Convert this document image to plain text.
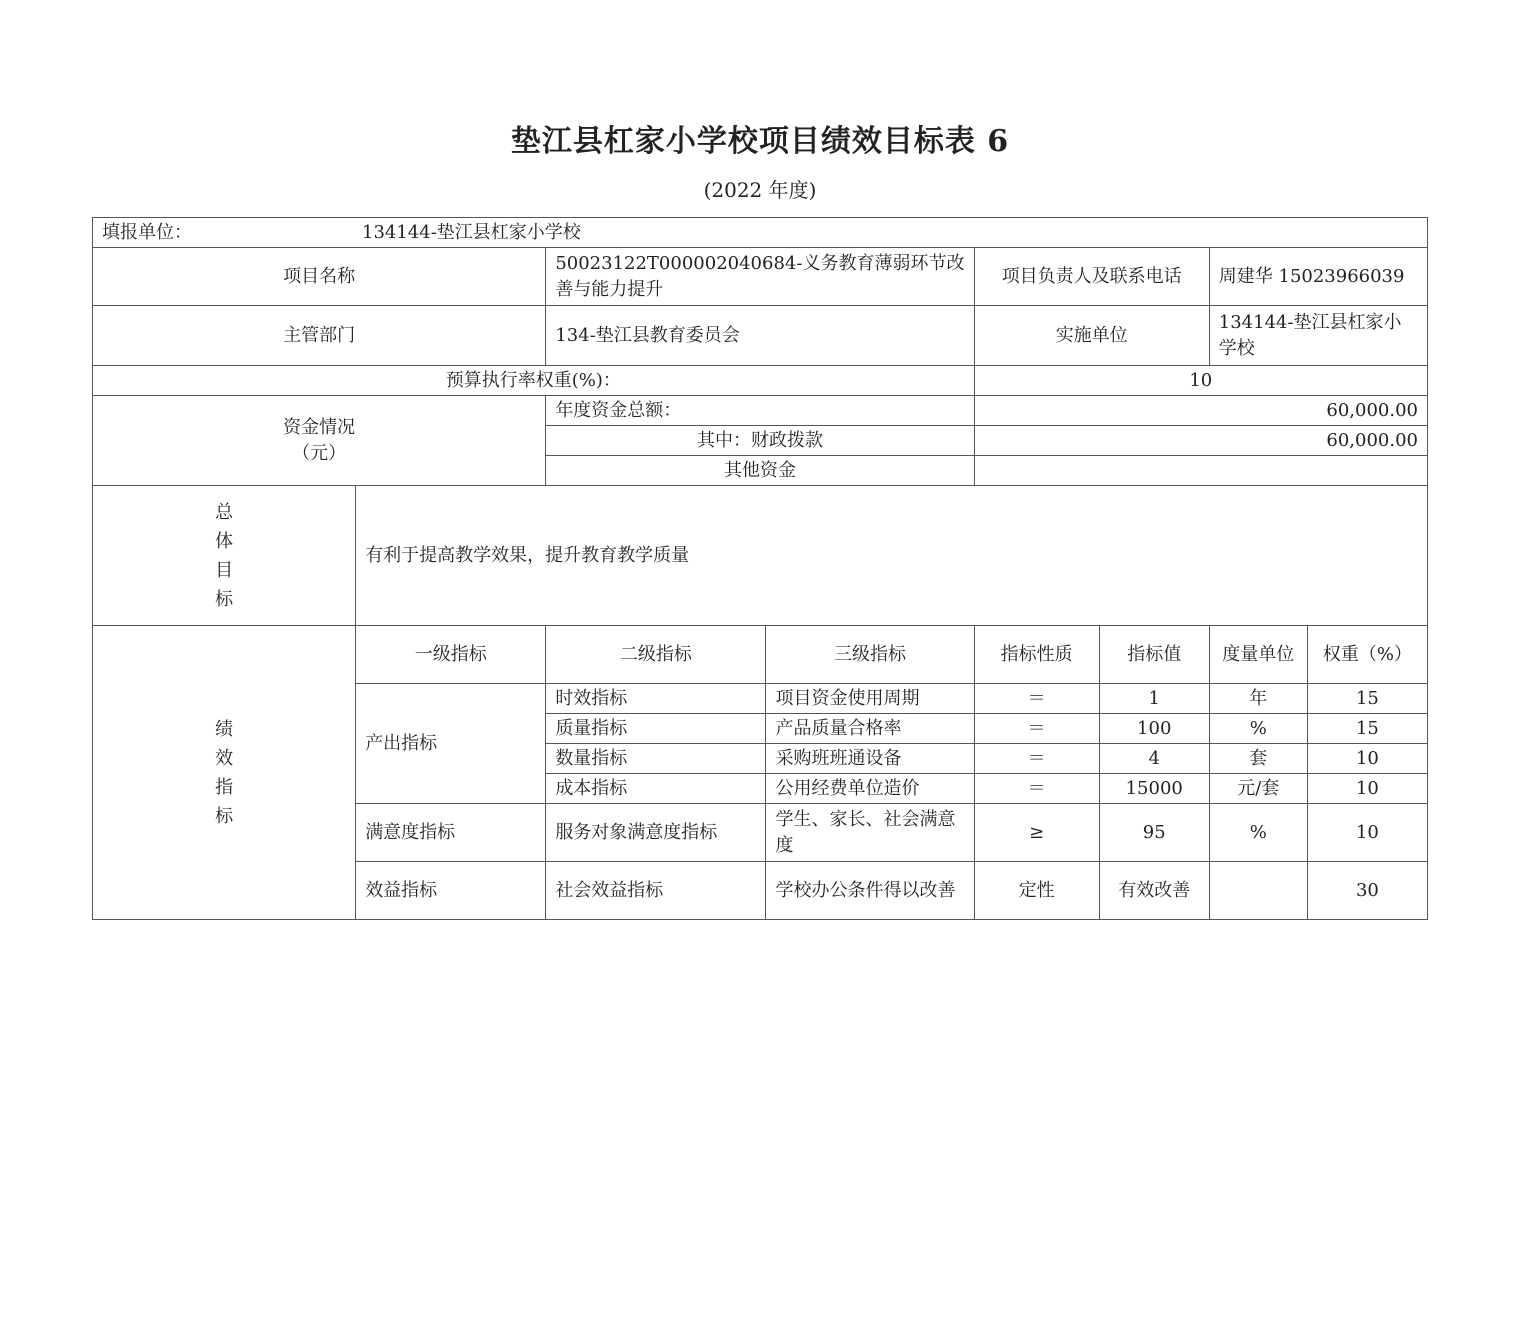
垫江县杠家小学校项目绩效目标表 6
(2022 年度)
填报单位： 134144-垫江县杠家小学校							
项目名称		50023122T000002040684-义务教育薄弱环节改善与能力提升		项目负责人及联系电话		周建华 15023966039	
主管部门		134-垫江县教育委员会		实施单位		134144-垫江县杠家小学校	
预算执行率权重(%)：				10			

资金情况
（元）		年度资金总额：		60,000.00			
		其中：财政拨款		60,000.00			
		其他资金					
总
体
目
标	有利于提高教学效果，提升教育教学质量						
绩
效
指
标	一级指标	二级指标	三级指标	指标性质	指标值	度量单位	权重（%）
	产出指标	时效指标	项目资金使用周期	＝	1	年	15
		质量指标	产品质量合格率	＝	100	%	15
		数量指标	采购班班通设备	＝	4	套	10
		成本指标	公用经费单位造价	＝	15000	元/套	10
	满意度指标	服务对象满意度指标	学生、家长、社会满意度	≥	95	%	10
	效益指标	社会效益指标	学校办公条件得以改善	定性	有效改善		30
